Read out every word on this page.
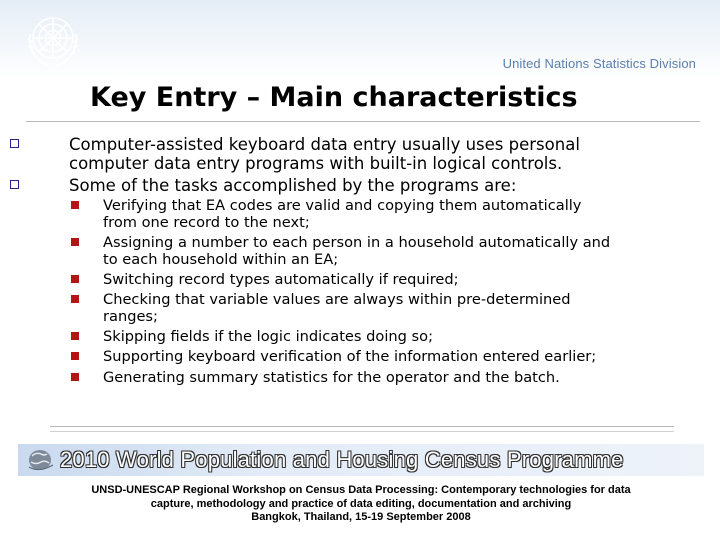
United Nations Statistics Division
Key Entry – Main characteristics
Computer-assisted keyboard data entry usually uses personal
computer data entry programs with built-in logical controls.
Some of the tasks accomplished by the programs are:
Verifying that EA codes are valid and copying them automatically
from one record to the next;
Assigning a number to each person in a household automatically and
to each household within an EA;
Switching record types automatically if required;
Checking that variable values are always within pre-determined
ranges;
Skipping fields if the logic indicates doing so;
Supporting keyboard verification of the information entered earlier;
Generating summary statistics for the operator and the batch.
2010 World Population and Housing Census Programme
UNSD-UNESCAP Regional Workshop on Census Data Processing: Contemporary technologies for data
capture, methodology and practice of data editing, documentation and archiving
Bangkok, Thailand, 15-19 September 2008
